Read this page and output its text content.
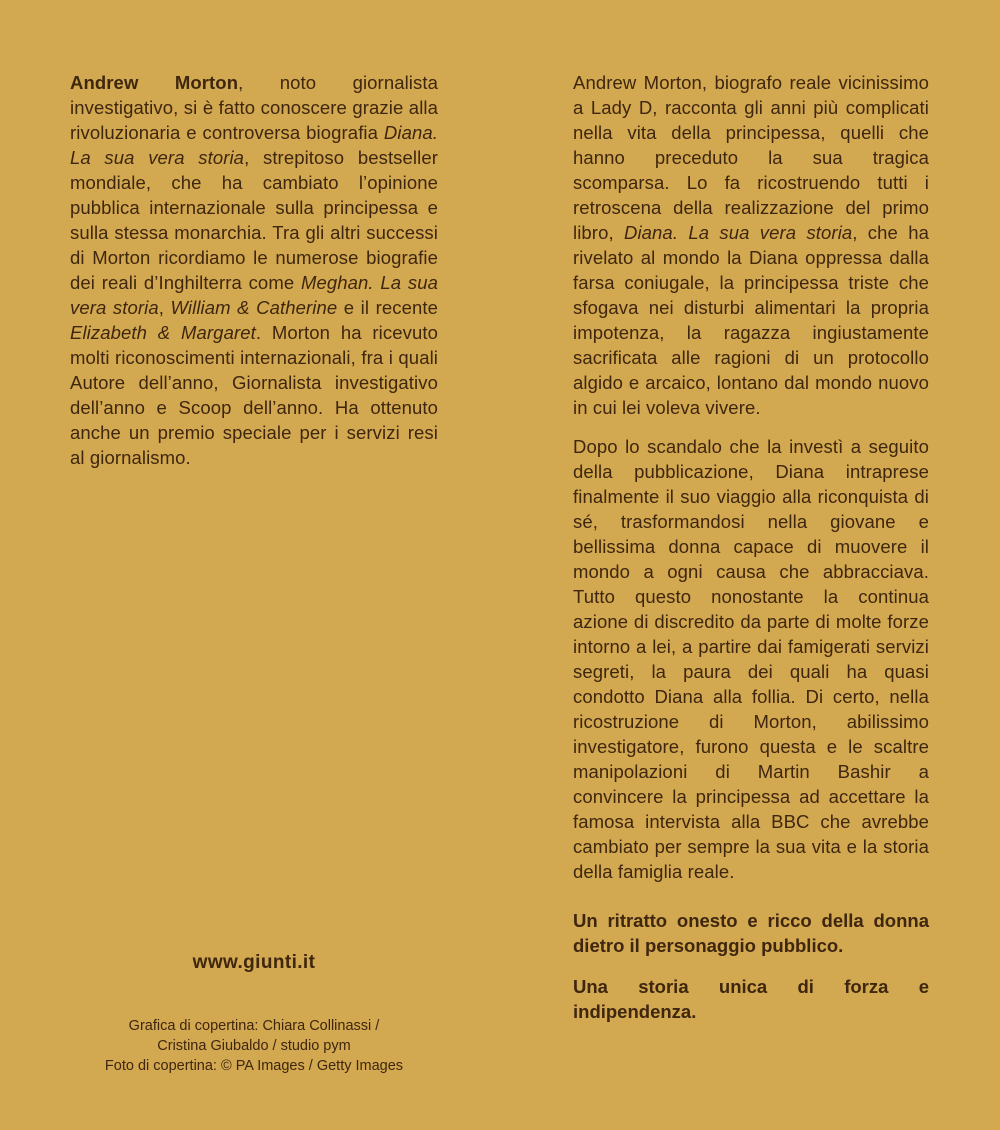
Andrew Morton, noto giornalista investigativo, si è fatto conoscere grazie alla rivoluzionaria e controversa biografia Diana. La sua vera storia, strepitoso bestseller mondiale, che ha cambiato l’opinione pubblica internazionale sulla principessa e sulla stessa monarchia. Tra gli altri successi di Morton ricordiamo le numerose biografie dei reali d’Inghilterra come Meghan. La sua vera storia, William & Catherine e il recente Elizabeth & Margaret. Morton ha ricevuto molti riconoscimenti internazionali, fra i quali Autore dell’anno, Giornalista investigativo dell’anno e Scoop dell’anno. Ha ottenuto anche un premio speciale per i servizi resi al giornalismo.

www.giunti.it
Grafica di copertina: Chiara Collinassi /
Cristina Giubaldo / studio pym
Foto di copertina: © PA Images / Getty Images

Andrew Morton, biografo reale vicinissimo a Lady D, racconta gli anni più complicati nella vita della principessa, quelli che hanno preceduto la sua tragica scomparsa. Lo fa ricostruendo tutti i retroscena della realizzazione del primo libro, Diana. La sua vera storia, che ha rivelato al mondo la Diana oppressa dalla farsa coniugale, la principessa triste che sfogava nei disturbi alimentari la propria impotenza, la ragazza ingiustamente sacrificata alle ragioni di un protocollo algido e arcaico, lontano dal mondo nuovo in cui lei voleva vivere.

Dopo lo scandalo che la investì a seguito della pubblicazione, Diana intraprese finalmente il suo viaggio alla riconquista di sé, trasformandosi nella giovane e bellissima donna capace di muovere il mondo a ogni causa che abbracciava. Tutto questo nonostante la continua azione di discredito da parte di molte forze intorno a lei, a partire dai famigerati servizi segreti, la paura dei quali ha quasi condotto Diana alla follia. Di certo, nella ricostruzione di Morton, abilissimo investigatore, furono questa e le scaltre manipolazioni di Martin Bashir a convincere la principessa ad accettare la famosa intervista alla BBC che avrebbe cambiato per sempre la sua vita e la storia della famiglia reale.

Un ritratto onesto e ricco della donna dietro il personaggio pubblico.

Una storia unica di forza e indipendenza.
